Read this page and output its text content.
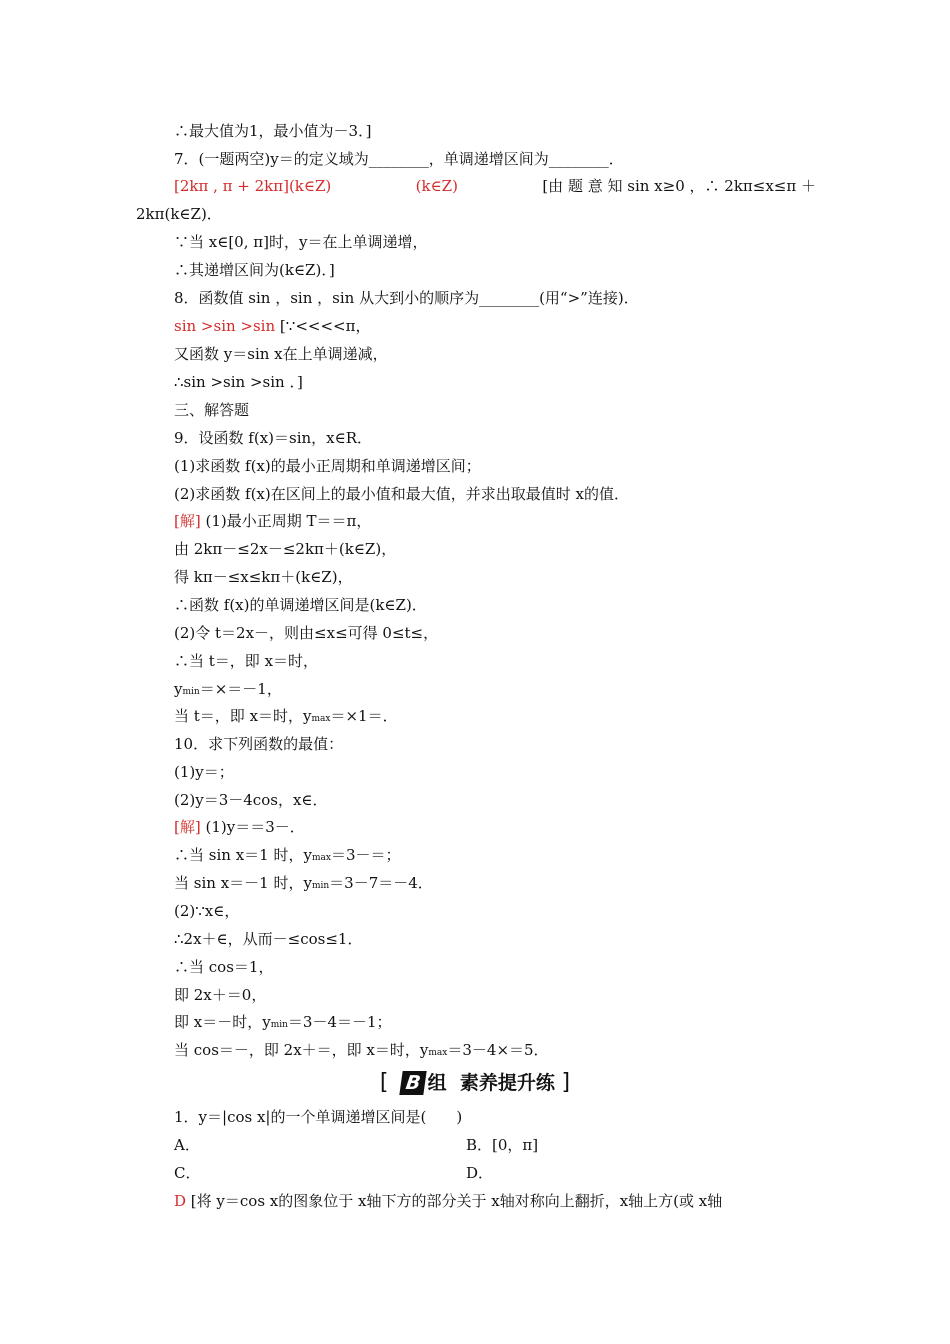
∴最大值为1，最小值为－3．]
7．(一题两空)y＝的定义域为________，单调递增区间为________．
[2kπ , π + 2kπ](k∈Z)	(k∈Z)	[由 题 意 知 sin x≥0 ，∴ 2kπ≤x≤π ＋
2kπ(k∈Z)．
∵当 x∈[0, π]时，y＝在上单调递增，
∴其递增区间为(k∈Z)．]
8．函数值 sin ，sin ，sin 从大到小的顺序为________(用“>”连接)．
sin >sin >sin [∵<<<<π，
又函数 y＝sin x在上单调递减，
∴sin >sin >sin ．]
三、解答题
9．设函数 f(x)＝sin，x∈R．
(1)求函数 f(x)的最小正周期和单调递增区间；
(2)求函数 f(x)在区间上的最小值和最大值，并求出取最值时 x的值．
[解] (1)最小正周期 T＝＝π，
由 2kπ－≤2x－≤2kπ＋(k∈Z)，
得 kπ－≤x≤kπ＋(k∈Z)，
∴函数 f(x)的单调递增区间是(k∈Z)．
(2)令 t＝2x－，则由≤x≤可得 0≤t≤，
∴当 t＝，即 x＝时，
ymin＝×＝－1，
当 t＝，即 x＝时，ymax＝×1＝．
10．求下列函数的最值：
(1)y＝；
(2)y＝3－4cos，x∈．
[解] (1)y＝＝3－．
∴当 sin x＝1 时，ymax＝3－＝；
当 sin x＝－1 时，ymin＝3－7＝－4．
(2)∵x∈，
∴2x＋∈，从而－≤cos≤1．
∴当 cos＝1，
即 2x＋＝0，
即 x＝－时，ymin＝3－4＝－1；
当 cos＝－，即 2x＋＝，即 x＝时，ymax＝3－4×＝5．
[ B 组 素养提升练 ]
1．y＝|cos x|的一个单调递增区间是(　　)
A．	B．[0，π]
C．	D．
D [将 y＝cos x的图象位于 x轴下方的部分关于 x轴对称向上翻折，x轴上方(或 x轴
